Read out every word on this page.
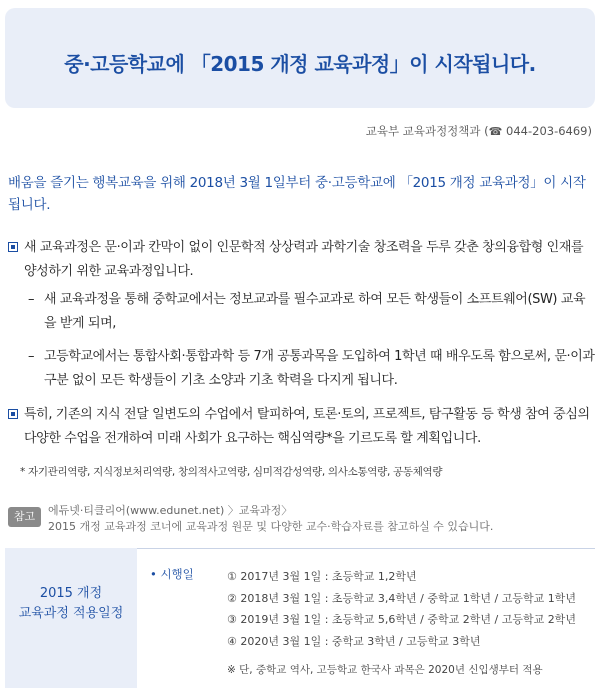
중·고등학교에 「2015 개정 교육과정」이 시작됩니다.
교육부 교육과정정책과 (☎ 044-203-6469)
배움을 즐기는 행복교육을 위해 2018년 3월 1일부터 중·고등학교에 「2015 개정 교육과정」이 시작됩니다.
새 교육과정은 문·이과 칸막이 없이 인문학적 상상력과 과학기술 창조력을 두루 갖춘 창의융합형 인재를 양성하기 위한 교육과정입니다.
– 새 교육과정을 통해 중학교에서는 정보교과를 필수교과로 하여 모든 학생들이 소프트웨어(SW) 교육을 받게 되며,
– 고등학교에서는 통합사회·통합과학 등 7개 공통과목을 도입하여 1학년 때 배우도록 함으로써, 문·이과 구분 없이 모든 학생들이 기초 소양과 기초 학력을 다지게 됩니다.
특히, 기존의 지식 전달 일변도의 수업에서 탈피하여, 토론·토의, 프로젝트, 탐구활동 등 학생 참여 중심의 다양한 수업을 전개하여 미래 사회가 요구하는 핵심역량*을 기르도록 할 계획입니다.
* 자기관리역량, 지식정보처리역량, 창의적사고역량, 심미적감성역량, 의사소통역량, 공동체역량
참고	에듀넷·티클리어(www.edunet.net) 〉교육과정〉
2015 개정 교육과정 코너에 교육과정 원문 및 다양한 교수·학습자료를 참고하실 수 있습니다.
2015 개정
교육과정 적용일정
• 시행일	① 2017년 3월 1일 : 초등학교 1,2학년
② 2018년 3월 1일 : 초등학교 3,4학년 / 중학교 1학년 / 고등학교 1학년
③ 2019년 3월 1일 : 초등학교 5,6학년 / 중학교 2학년 / 고등학교 2학년
④ 2020년 3월 1일 : 중학교 3학년 / 고등학교 3학년
※ 단, 중학교 역사, 고등학교 한국사 과목은 2020년 신입생부터 적용
